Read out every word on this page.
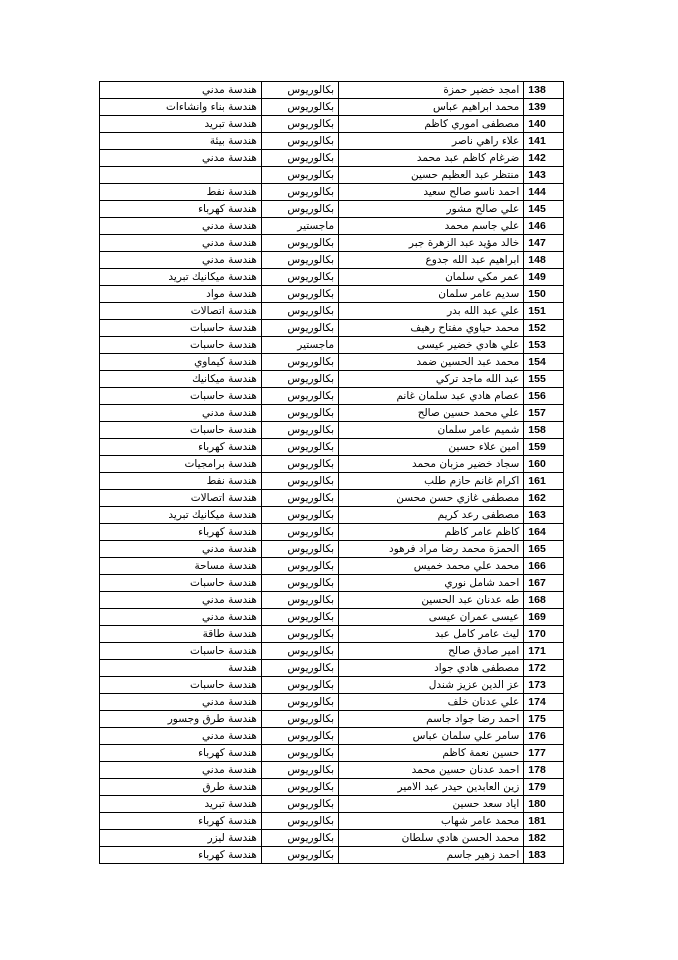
هندسة مدني	بكالوريوس	امجد خضير حمزة	138
هندسة بناء وانشاءات	بكالوريوس	محمد ابراهيم عباس	139
هندسة تبريد	بكالوريوس	مصطفى اموري كاظم	140
هندسة بيئة	بكالوريوس	علاء راهي ناصر	141
هندسة مدني	بكالوريوس	ضرغام كاظم عبد محمد	142
	بكالوريوس	منتظر عبد العظيم حسين	143
هندسة نفط	بكالوريوس	احمد ناسو صالح سعيد	144
هندسة كهرباء	بكالوريوس	علي صالح مشور	145
هندسة مدني	ماجستير	علي جاسم محمد	146
هندسة مدني	بكالوريوس	خالد مؤيد عبد الزهرة جبر	147
هندسة مدني	بكالوريوس	ابراهيم عبد الله جدوع	148
هندسة ميكانيك تبريد	بكالوريوس	عمر مكي سلمان	149
هندسة مواد	بكالوريوس	سديم عامر سلمان	150
هندسة اتصالات	بكالوريوس	علي عبد الله بدر	151
هندسة حاسبات	بكالوريوس	محمد حياوي مفتاح رهيف	152
هندسة حاسبات	ماجستير	علي هادي خضير عيسى	153
هندسة كيماوي	بكالوريوس	محمد عبد الحسين ضمد	154
هندسة ميكانيك	بكالوريوس	عبد الله ماجد تركي	155
هندسة حاسبات	بكالوريوس	عصام هادي عبد سلمان غانم	156
هندسة مدني	بكالوريوس	علي محمد حسين صالح	157
هندسة حاسبات	بكالوريوس	شميم عامر سلمان	158
هندسة كهرباء	بكالوريوس	امين علاء حسين	159
هندسة برامجيات	بكالوريوس	سجاد خضير مزبان محمد	160
هندسة نفط	بكالوريوس	اكرام غانم حازم طلب	161
هندسة اتصالات	بكالوريوس	مصطفى غازي حسن محسن	162
هندسة ميكانيك تبريد	بكالوريوس	مصطفى رعد كريم	163
هندسة كهرباء	بكالوريوس	كاظم عامر كاظم	164
هندسة مدني	بكالوريوس	الحمزة محمد رضا مراد فرهود	165
هندسة مساحة	بكالوريوس	محمد علي محمد خميس	166
هندسة حاسبات	بكالوريوس	احمد شامل نوري	167
هندسة مدني	بكالوريوس	طه عدنان عبد الحسين	168
هندسة مدني	بكالوريوس	عيسى عمران عيسى	169
هندسة طاقة	بكالوريوس	ليث عامر كامل عبد	170
هندسة حاسبات	بكالوريوس	امير صادق صالح	171
هندسة	بكالوريوس	مصطفى هادي جواد	172
هندسة حاسبات	بكالوريوس	عز الدين عزيز شندل	173
هندسة مدني	بكالوريوس	علي عدنان خلف	174
هندسة طرق وجسور	بكالوريوس	احمد رضا جواد جاسم	175
هندسة مدني	بكالوريوس	سامر علي سلمان عباس	176
هندسة كهرباء	بكالوريوس	حسين نعمة كاظم	177
هندسة مدني	بكالوريوس	احمد عدنان حسين محمد	178
هندسة طرق	بكالوريوس	زين العابدين حيدر عبد الامير	179
هندسة تبريد	بكالوريوس	اياد سعد حسين	180
هندسة كهرباء	بكالوريوس	محمد عامر شهاب	181
هندسة ليزر	بكالوريوس	محمد الحسن هادي سلطان	182
هندسة كهرباء	بكالوريوس	احمد زهير جاسم	183
